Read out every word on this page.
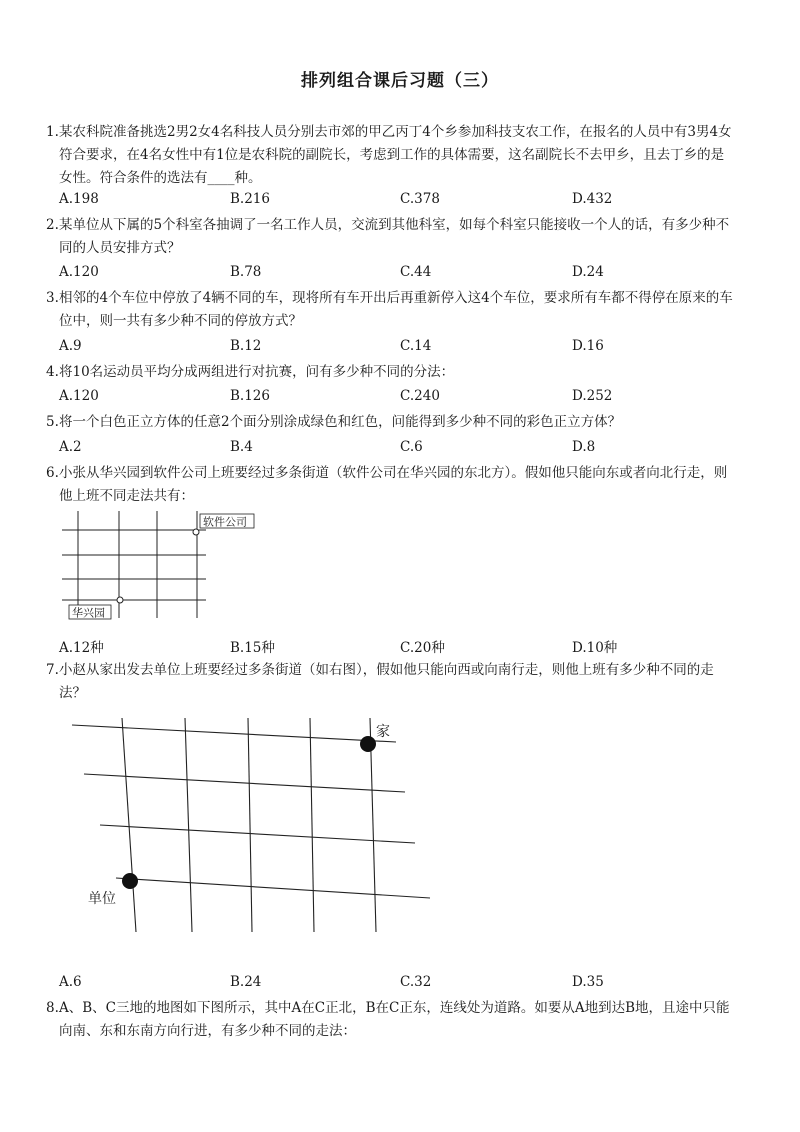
排列组合课后习题（三）
1. 某农科院准备挑选2男2女4名科技人员分别去市郊的甲乙丙丁4个乡参加科技支农工作，在报名的人员中有3男4女符合要求，在4名女性中有1位是农科院的副院长，考虑到工作的具体需要，这名副院长不去甲乡，且去丁乡的是女性。符合条件的选法有____种。
A.198	B.216	C.378	D.432
2. 某单位从下属的5个科室各抽调了一名工作人员，交流到其他科室，如每个科室只能接收一个人的话，有多少种不同的人员安排方式？
A.120	B.78	C.44	D.24
3. 相邻的4个车位中停放了4辆不同的车，现将所有车开出后再重新停入这4个车位，要求所有车都不得停在原来的车位中，则一共有多少种不同的停放方式？
A.9	B.12	C.14	D.16
4. 将10名运动员平均分成两组进行对抗赛，问有多少种不同的分法：
A.120	B.126	C.240	D.252
5. 将一个白色正立方体的任意2个面分别涂成绿色和红色，问能得到多少种不同的彩色正立方体？
A.2	B.4	C.6	D.8
6. 小张从华兴园到软件公司上班要经过多条街道（软件公司在华兴园的东北方）。假如他只能向东或者向北行走，则他上班不同走法共有：
软件公司
华兴园
A.12种	B.15种	C.20种	D.10种
7. 小赵从家出发去单位上班要经过多条街道（如右图），假如他只能向西或向南行走，则他上班有多少种不同的走法？
家
单位
A.6	B.24	C.32	D.35
8. A、B、C三地的地图如下图所示，其中A在C正北，B在C正东，连线处为道路。如要从A地到达B地，且途中只能向南、东和东南方向行进，有多少种不同的走法：
